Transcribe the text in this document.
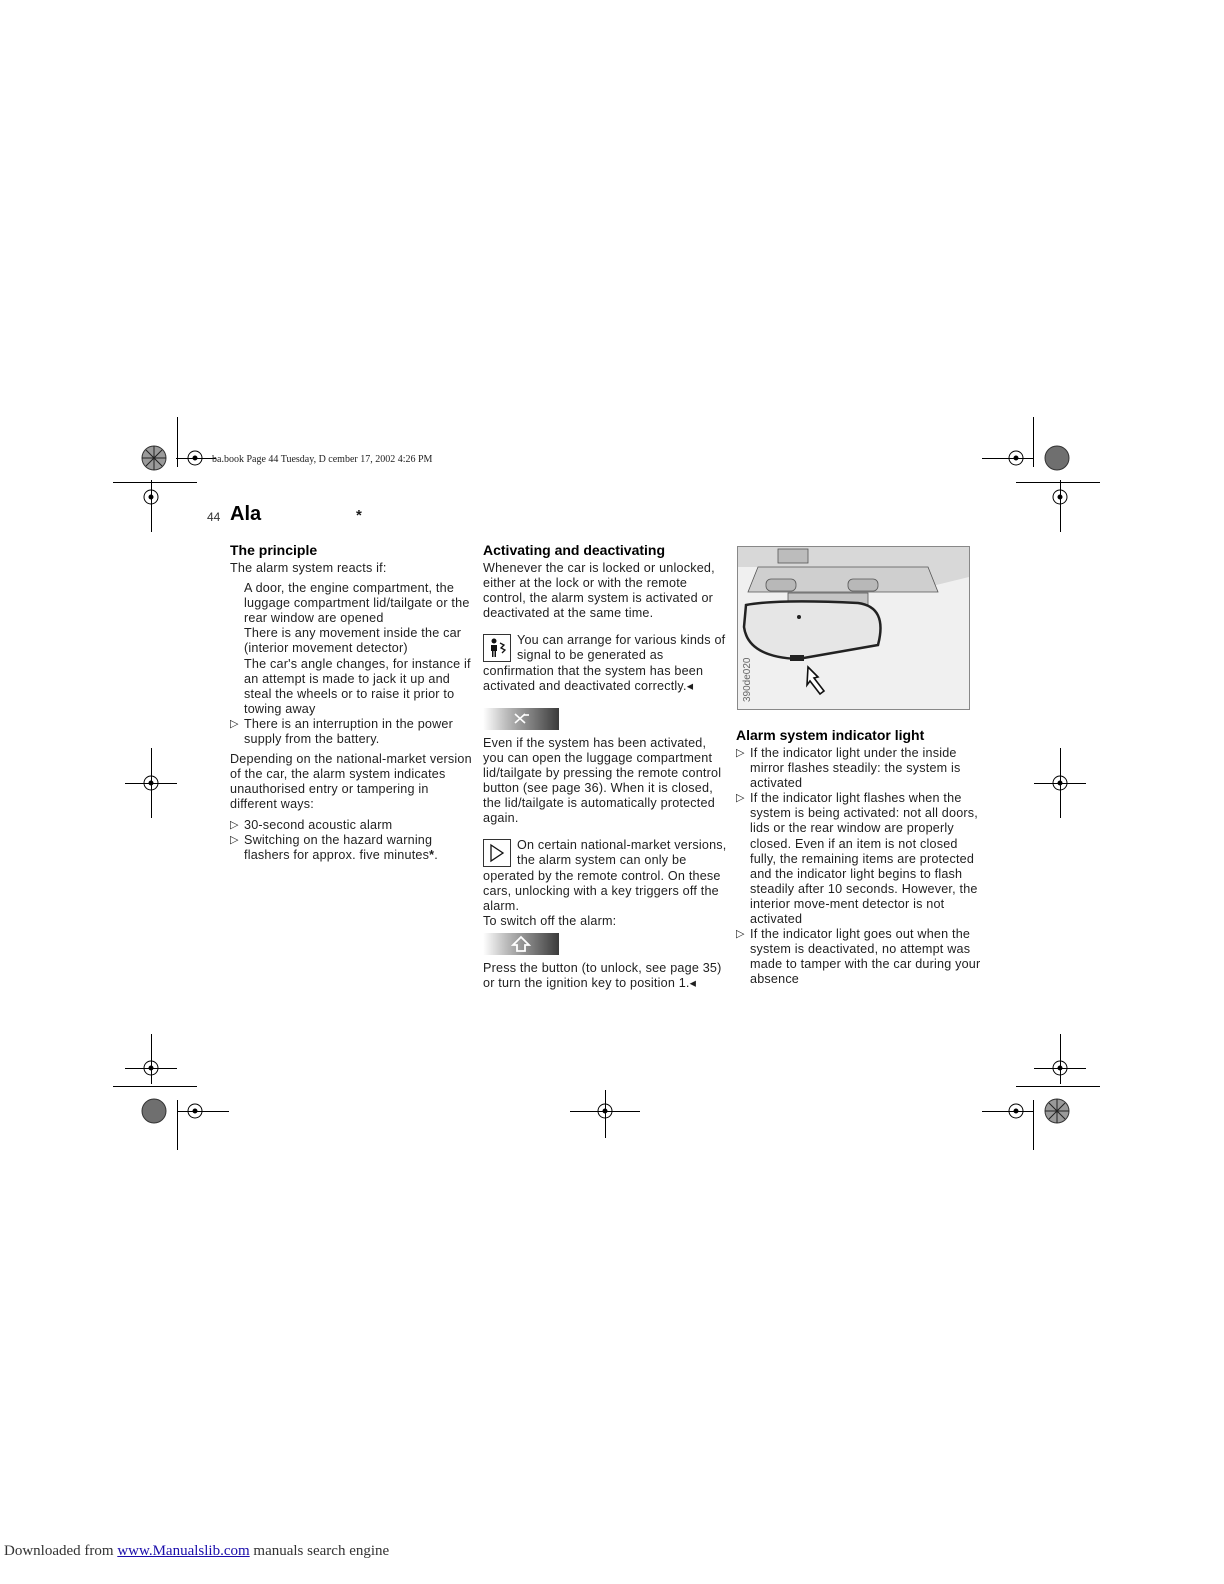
ba.book Page 44 Tuesday, D cember 17, 2002 4:26 PM
44 Ala	*
The principle

The alarm system reacts if:

A door, the engine compartment, the luggage compartment lid/tailgate or the rear window are opened

There is any movement inside the car (interior movement detector)

The car's angle changes, for instance if an attempt is made to jack it up and steal the wheels or to raise it prior to towing away

▷ There is an interruption in the power supply from the battery.

Depending on the national-market version of the car, the alarm system indicates unauthorised entry or tampering in different ways:

▷ 30-second acoustic alarm

▷ Switching on the hazard warning flashers for approx. five minutes*.

Activating and deactivating

Whenever the car is locked or unlocked, either at the lock or with the remote control, the alarm system is activated or deactivated at the same time.

You can arrange for various kinds of signal to be generated as confirmation that the system has been activated and deactivated correctly.◂

Even if the system has been activated, you can open the luggage compartment lid/tailgate by pressing the remote control button (see page 36). When it is closed, the lid/tailgate is automatically protected again.

On certain national-market versions, the alarm system can only be operated by the remote control. On these cars, unlocking with a key triggers off the alarm.

To switch off the alarm:

Press the button (to unlock, see page 35) or turn the ignition key to position 1.◂

390de020
Alarm system indicator light

▷ If the indicator light under the inside mirror flashes steadily: the system is activated

▷ If the indicator light flashes when the system is being activated: not all doors, lids or the rear window are properly closed. Even if an item is not closed fully, the remaining items are protected and the indicator light begins to flash steadily after 10 seconds. However, the interior move-ment detector is not activated

▷ If the indicator light goes out when the system is deactivated, no attempt was made to tamper with the car during your absence

Downloaded from www.Manualslib.com manuals search engine
